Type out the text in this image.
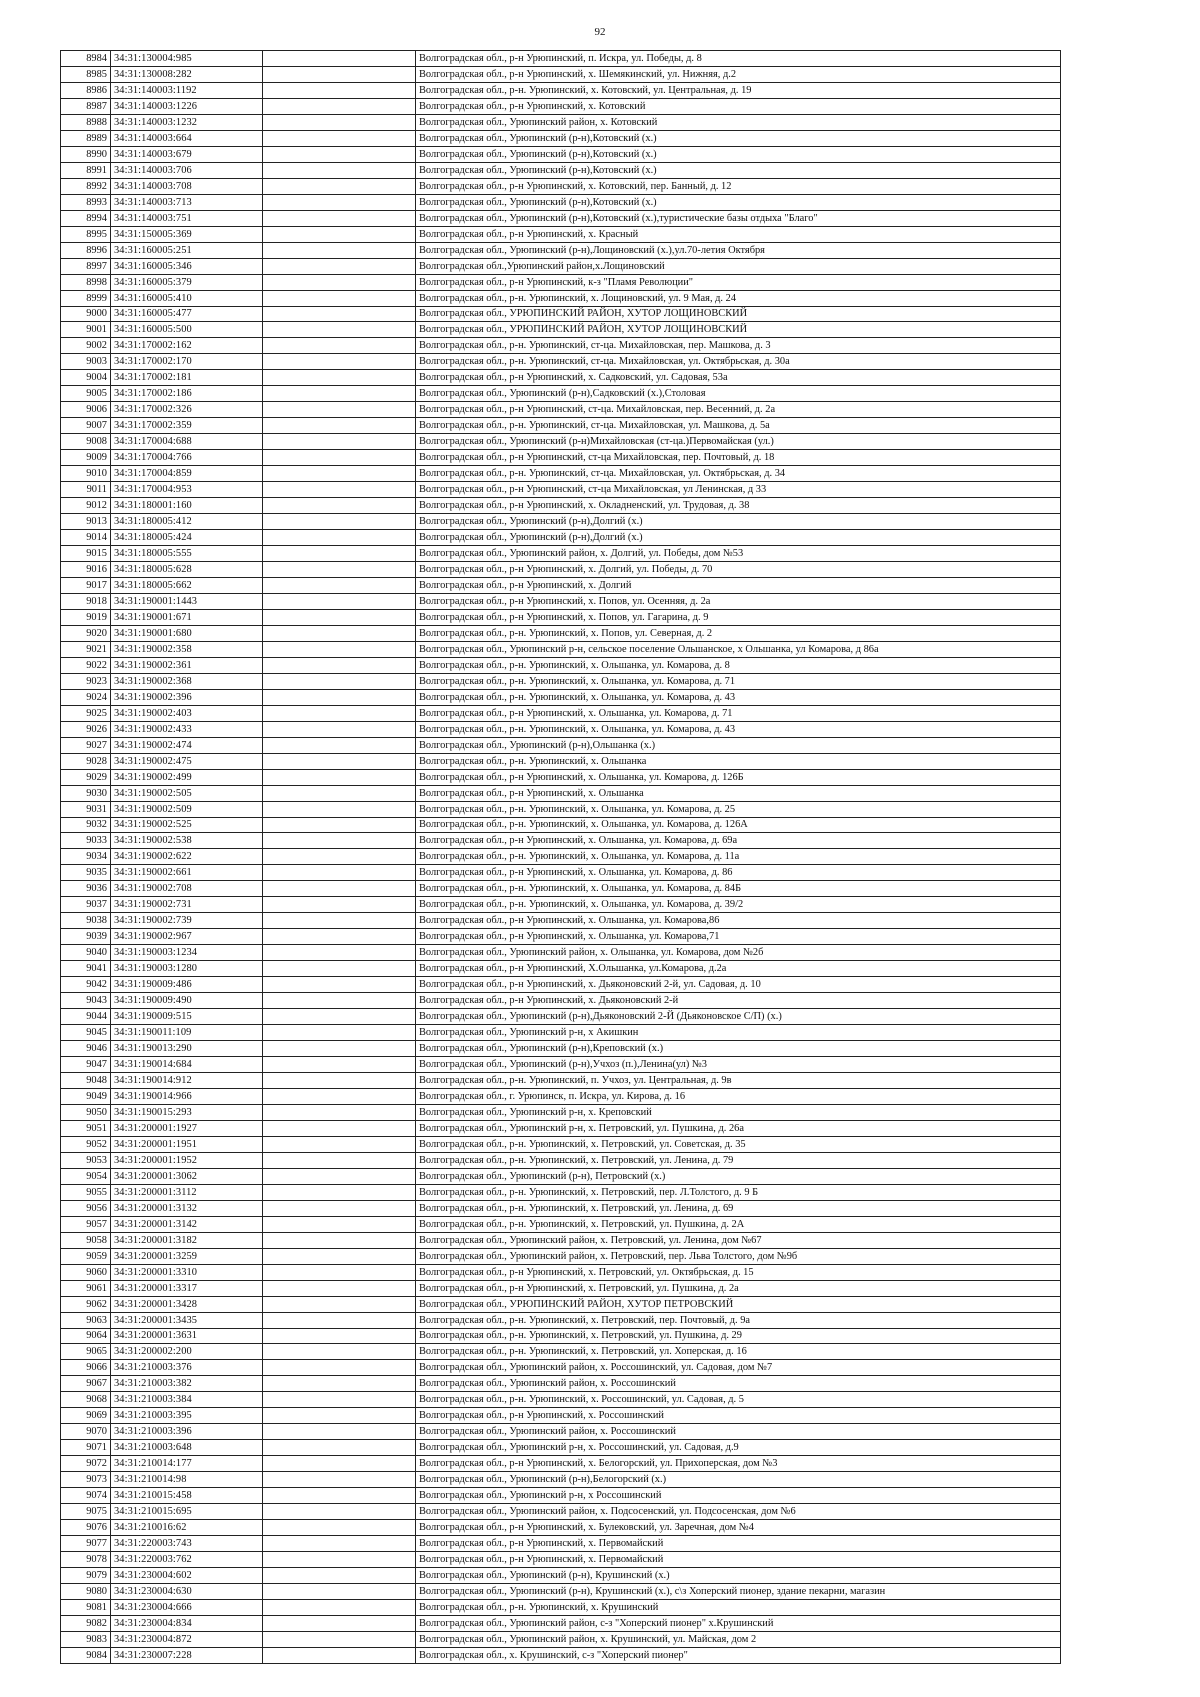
92
8984	34:31:130004:985		Волгоградская обл., р-н Урюпинский, п. Искра, ул. Победы, д. 8
8985	34:31:130008:282		Волгоградская обл., р-н Урюпинский, х. Шемякинский, ул. Нижняя, д.2
8986	34:31:140003:1192		Волгоградская обл., р-н. Урюпинский, х. Котовский, ул. Центральная, д. 19
8987	34:31:140003:1226		Волгоградская обл., р-н Урюпинский, х. Котовский
8988	34:31:140003:1232		Волгоградская обл., Урюпинский район, х. Котовский
8989	34:31:140003:664		Волгоградская обл., Урюпинский (р-н),Котовский (х.)
8990	34:31:140003:679		Волгоградская обл., Урюпинский (р-н),Котовский (х.)
8991	34:31:140003:706		Волгоградская обл., Урюпинский (р-н),Котовский (х.)
8992	34:31:140003:708		Волгоградская обл., р-н Урюпинский, х. Котовский, пер. Банный, д. 12
8993	34:31:140003:713		Волгоградская обл., Урюпинский (р-н),Котовский (х.)
8994	34:31:140003:751		Волгоградская обл., Урюпинский (р-н),Котовский (х.),туристические базы отдыха "Благо"
8995	34:31:150005:369		Волгоградская обл., р-н Урюпинский, х. Красный
8996	34:31:160005:251		Волгоградская обл., Урюпинский (р-н),Лощиновский (х.),ул.70-летия Октября
8997	34:31:160005:346		Волгоградская обл.,Урюпинский район,х.Лощиновский
8998	34:31:160005:379		Волгоградская обл., р-н Урюпинский, к-з "Пламя Революции"
8999	34:31:160005:410		Волгоградская обл., р-н. Урюпинский, х. Лощиновский, ул. 9 Мая, д. 24
9000	34:31:160005:477		Волгоградская обл., УРЮПИНСКИЙ РАЙОН, ХУТОР ЛОЩИНОВСКИЙ
9001	34:31:160005:500		Волгоградская обл., УРЮПИНСКИЙ РАЙОН, ХУТОР ЛОЩИНОВСКИЙ
9002	34:31:170002:162		Волгоградская обл., р-н. Урюпинский, ст-ца. Михайловская, пер. Машкова, д. 3
9003	34:31:170002:170		Волгоградская обл., р-н. Урюпинский, ст-ца. Михайловская, ул. Октябрьская, д. 30а
9004	34:31:170002:181		Волгоградская обл., р-н Урюпинский, х. Садковский, ул. Садовая, 53а
9005	34:31:170002:186		Волгоградская обл., Урюпинский (р-н),Садковский (х.),Столовая
9006	34:31:170002:326		Волгоградская обл., р-н Урюпинский, ст-ца. Михайловская, пер. Весенний, д. 2а
9007	34:31:170002:359		Волгоградская обл., р-н. Урюпинский, ст-ца. Михайловская, ул. Машкова, д. 5а
9008	34:31:170004:688		Волгоградская обл., Урюпинский (р-н)Михайловская (ст-ца.)Первомайская (ул.)
9009	34:31:170004:766		Волгоградская обл., р-н Урюпинский, ст-ца Михайловская, пер. Почтовый, д. 18
9010	34:31:170004:859		Волгоградская обл., р-н. Урюпинский, ст-ца. Михайловская, ул. Октябрьская, д. 34
9011	34:31:170004:953		Волгоградская обл., р-н Урюпинский, ст-ца Михайловская, ул Ленинская, д 33
9012	34:31:180001:160		Волгоградская обл., р-н Урюпинский, х. Окладненский, ул. Трудовая, д. 38
9013	34:31:180005:412		Волгоградская обл., Урюпинский (р-н),Долгий (х.)
9014	34:31:180005:424		Волгоградская обл., Урюпинский (р-н),Долгий (х.)
9015	34:31:180005:555		Волгоградская обл., Урюпинский район, х. Долгий, ул. Победы, дом №53
9016	34:31:180005:628		Волгоградская обл., р-н Урюпинский, х. Долгий, ул. Победы, д. 70
9017	34:31:180005:662		Волгоградская обл., р-н Урюпинский, х. Долгий
9018	34:31:190001:1443		Волгоградская обл., р-н Урюпинский, х. Попов, ул. Осенняя, д. 2а
9019	34:31:190001:671		Волгоградская обл., р-н Урюпинский, х. Попов, ул. Гагарина, д. 9
9020	34:31:190001:680		Волгоградская обл., р-н. Урюпинский, х. Попов, ул. Северная, д. 2
9021	34:31:190002:358		Волгоградская обл., Урюпинский р-н, сельское поселение Ольшанское, х Ольшанка, ул Комарова, д 86а
9022	34:31:190002:361		Волгоградская обл., р-н. Урюпинский, х. Ольшанка, ул. Комарова, д. 8
9023	34:31:190002:368		Волгоградская обл., р-н. Урюпинский, х. Ольшанка, ул. Комарова, д. 71
9024	34:31:190002:396		Волгоградская обл., р-н. Урюпинский, х. Ольшанка, ул. Комарова, д. 43
9025	34:31:190002:403		Волгоградская обл., р-н Урюпинский, х. Ольшанка, ул. Комарова, д. 71
9026	34:31:190002:433		Волгоградская обл., р-н. Урюпинский, х. Ольшанка, ул. Комарова, д. 43
9027	34:31:190002:474		Волгоградская обл., Урюпинский (р-н),Ольшанка (х.)
9028	34:31:190002:475		Волгоградская обл., р-н. Урюпинский, х. Ольшанка
9029	34:31:190002:499		Волгоградская обл., р-н Урюпинский, х. Ольшанка, ул. Комарова, д. 126Б
9030	34:31:190002:505		Волгоградская обл., р-н Урюпинский, х. Ольшанка
9031	34:31:190002:509		Волгоградская обл., р-н. Урюпинский, х. Ольшанка, ул. Комарова, д. 25
9032	34:31:190002:525		Волгоградская обл., р-н. Урюпинский, х. Ольшанка, ул. Комарова, д. 126А
9033	34:31:190002:538		Волгоградская обл., р-н Урюпинский, х. Ольшанка, ул. Комарова, д. 69а
9034	34:31:190002:622		Волгоградская обл., р-н. Урюпинский, х. Ольшанка, ул. Комарова, д. 11а
9035	34:31:190002:661		Волгоградская обл., р-н Урюпинский, х. Ольшанка, ул. Комарова, д. 86
9036	34:31:190002:708		Волгоградская обл., р-н. Урюпинский, х. Ольшанка, ул. Комарова, д. 84Б
9037	34:31:190002:731		Волгоградская обл., р-н. Урюпинский, х. Ольшанка, ул. Комарова, д. 39/2
9038	34:31:190002:739		Волгоградская обл., р-н Урюпинский, х. Ольшанка, ул. Комарова,86
9039	34:31:190002:967		Волгоградская обл., р-н Урюпинский, х. Ольшанка, ул. Комарова,71
9040	34:31:190003:1234		Волгоградская обл., Урюпинский район, х. Ольшанка, ул. Комарова, дом №2б
9041	34:31:190003:1280		Волгоградская обл., р-н Урюпинский, Х.Ольшанка, ул.Комарова, д.2а
9042	34:31:190009:486		Волгоградская обл., р-н Урюпинский, х. Дьяконовский 2-й, ул. Садовая, д. 10
9043	34:31:190009:490		Волгоградская обл., р-н Урюпинский, х. Дьяконовский 2-й
9044	34:31:190009:515		Волгоградская обл., Урюпинский (р-н),Дьяконовский 2-Й (Дьяконовское С/П) (х.)
9045	34:31:190011:109		Волгоградская обл., Урюпинский р-н, х Акишкин
9046	34:31:190013:290		Волгоградская обл., Урюпинский (р-н),Креповский (х.)
9047	34:31:190014:684		Волгоградская обл., Урюпинский (р-н),Учхоз (п.),Ленина(ул) №3
9048	34:31:190014:912		Волгоградская обл., р-н. Урюпинский, п. Учхоз, ул. Центральная, д. 9в
9049	34:31:190014:966		Волгоградская обл., г. Урюпинск, п. Искра, ул. Кирова, д. 16
9050	34:31:190015:293		Волгоградская обл., Урюпинский р-н, х. Креповский
9051	34:31:200001:1927		Волгоградская обл., Урюпинский р-н, х. Петровский, ул. Пушкина, д. 26а
9052	34:31:200001:1951		Волгоградская обл., р-н. Урюпинский, х. Петровский, ул. Советская, д. 35
9053	34:31:200001:1952		Волгоградская обл., р-н. Урюпинский, х. Петровский, ул. Ленина, д. 79
9054	34:31:200001:3062		Волгоградская обл., Урюпинский (р-н), Петровский (х.)
9055	34:31:200001:3112		Волгоградская обл., р-н. Урюпинский, х. Петровский, пер. Л.Толстого, д. 9 Б
9056	34:31:200001:3132		Волгоградская обл., р-н. Урюпинский, х. Петровский, ул. Ленина, д. 69
9057	34:31:200001:3142		Волгоградская обл., р-н. Урюпинский, х. Петровский, ул. Пушкина, д. 2А
9058	34:31:200001:3182		Волгоградская обл., Урюпинский район, х. Петровский, ул. Ленина, дом №67
9059	34:31:200001:3259		Волгоградская обл., Урюпинский район, х. Петровский, пер. Льва Толстого, дом №9б
9060	34:31:200001:3310		Волгоградская обл., р-н Урюпинский, х. Петровский, ул. Октябрьская, д. 15
9061	34:31:200001:3317		Волгоградская обл., р-н Урюпинский, х. Петровский, ул. Пушкина, д. 2а
9062	34:31:200001:3428		Волгоградская обл., УРЮПИНСКИЙ РАЙОН, ХУТОР ПЕТРОВСКИЙ
9063	34:31:200001:3435		Волгоградская обл., р-н. Урюпинский, х. Петровский, пер. Почтовый, д. 9а
9064	34:31:200001:3631		Волгоградская обл., р-н. Урюпинский, х. Петровский, ул. Пушкина, д. 29
9065	34:31:200002:200		Волгоградская обл., р-н. Урюпинский, х. Петровский, ул. Хоперская, д. 16
9066	34:31:210003:376		Волгоградская обл., Урюпинский район, х. Россошинский, ул. Садовая, дом №7
9067	34:31:210003:382		Волгоградская обл., Урюпинский район, х. Россошинский
9068	34:31:210003:384		Волгоградская обл., р-н. Урюпинский, х. Россошинский, ул. Садовая, д. 5
9069	34:31:210003:395		Волгоградская обл., р-н Урюпинский, х. Россошинский
9070	34:31:210003:396		Волгоградская обл., Урюпинский район, х. Россошинский
9071	34:31:210003:648		Волгоградская обл., Урюпинский р-н, х. Россошинский, ул. Садовая, д.9
9072	34:31:210014:177		Волгоградская обл., р-н Урюпинский, х. Белогорский, ул. Прихоперская, дом №3
9073	34:31:210014:98		Волгоградская обл., Урюпинский (р-н),Белогорский (х.)
9074	34:31:210015:458		Волгоградская обл., Урюпинский р-н, х Россошинский
9075	34:31:210015:695		Волгоградская обл., Урюпинский район, х. Подсосенский, ул. Подсосенская, дом №6
9076	34:31:210016:62		Волгоградская обл., р-н Урюпинский, х. Булековский, ул. Заречная, дом №4
9077	34:31:220003:743		Волгоградская обл., р-н Урюпинский, х. Первомайский
9078	34:31:220003:762		Волгоградская обл., р-н Урюпинский, х. Первомайский
9079	34:31:230004:602		Волгоградская обл., Урюпинский (р-н), Крушинский (х.)
9080	34:31:230004:630		Волгоградская обл., Урюпинский (р-н), Крушинский (х.), с\з Хоперский пионер, здание пекарни, магазин
9081	34:31:230004:666		Волгоградская обл., р-н. Урюпинский, х. Крушинский
9082	34:31:230004:834		Волгоградская обл., Урюпинский район, с-з "Хоперский пионер" х.Крушинский
9083	34:31:230004:872		Волгоградская обл., Урюпинский район, х. Крушинский, ул. Майская, дом 2
9084	34:31:230007:228		Волгоградская обл., х. Крушинский, с-з "Хоперский пионер"
